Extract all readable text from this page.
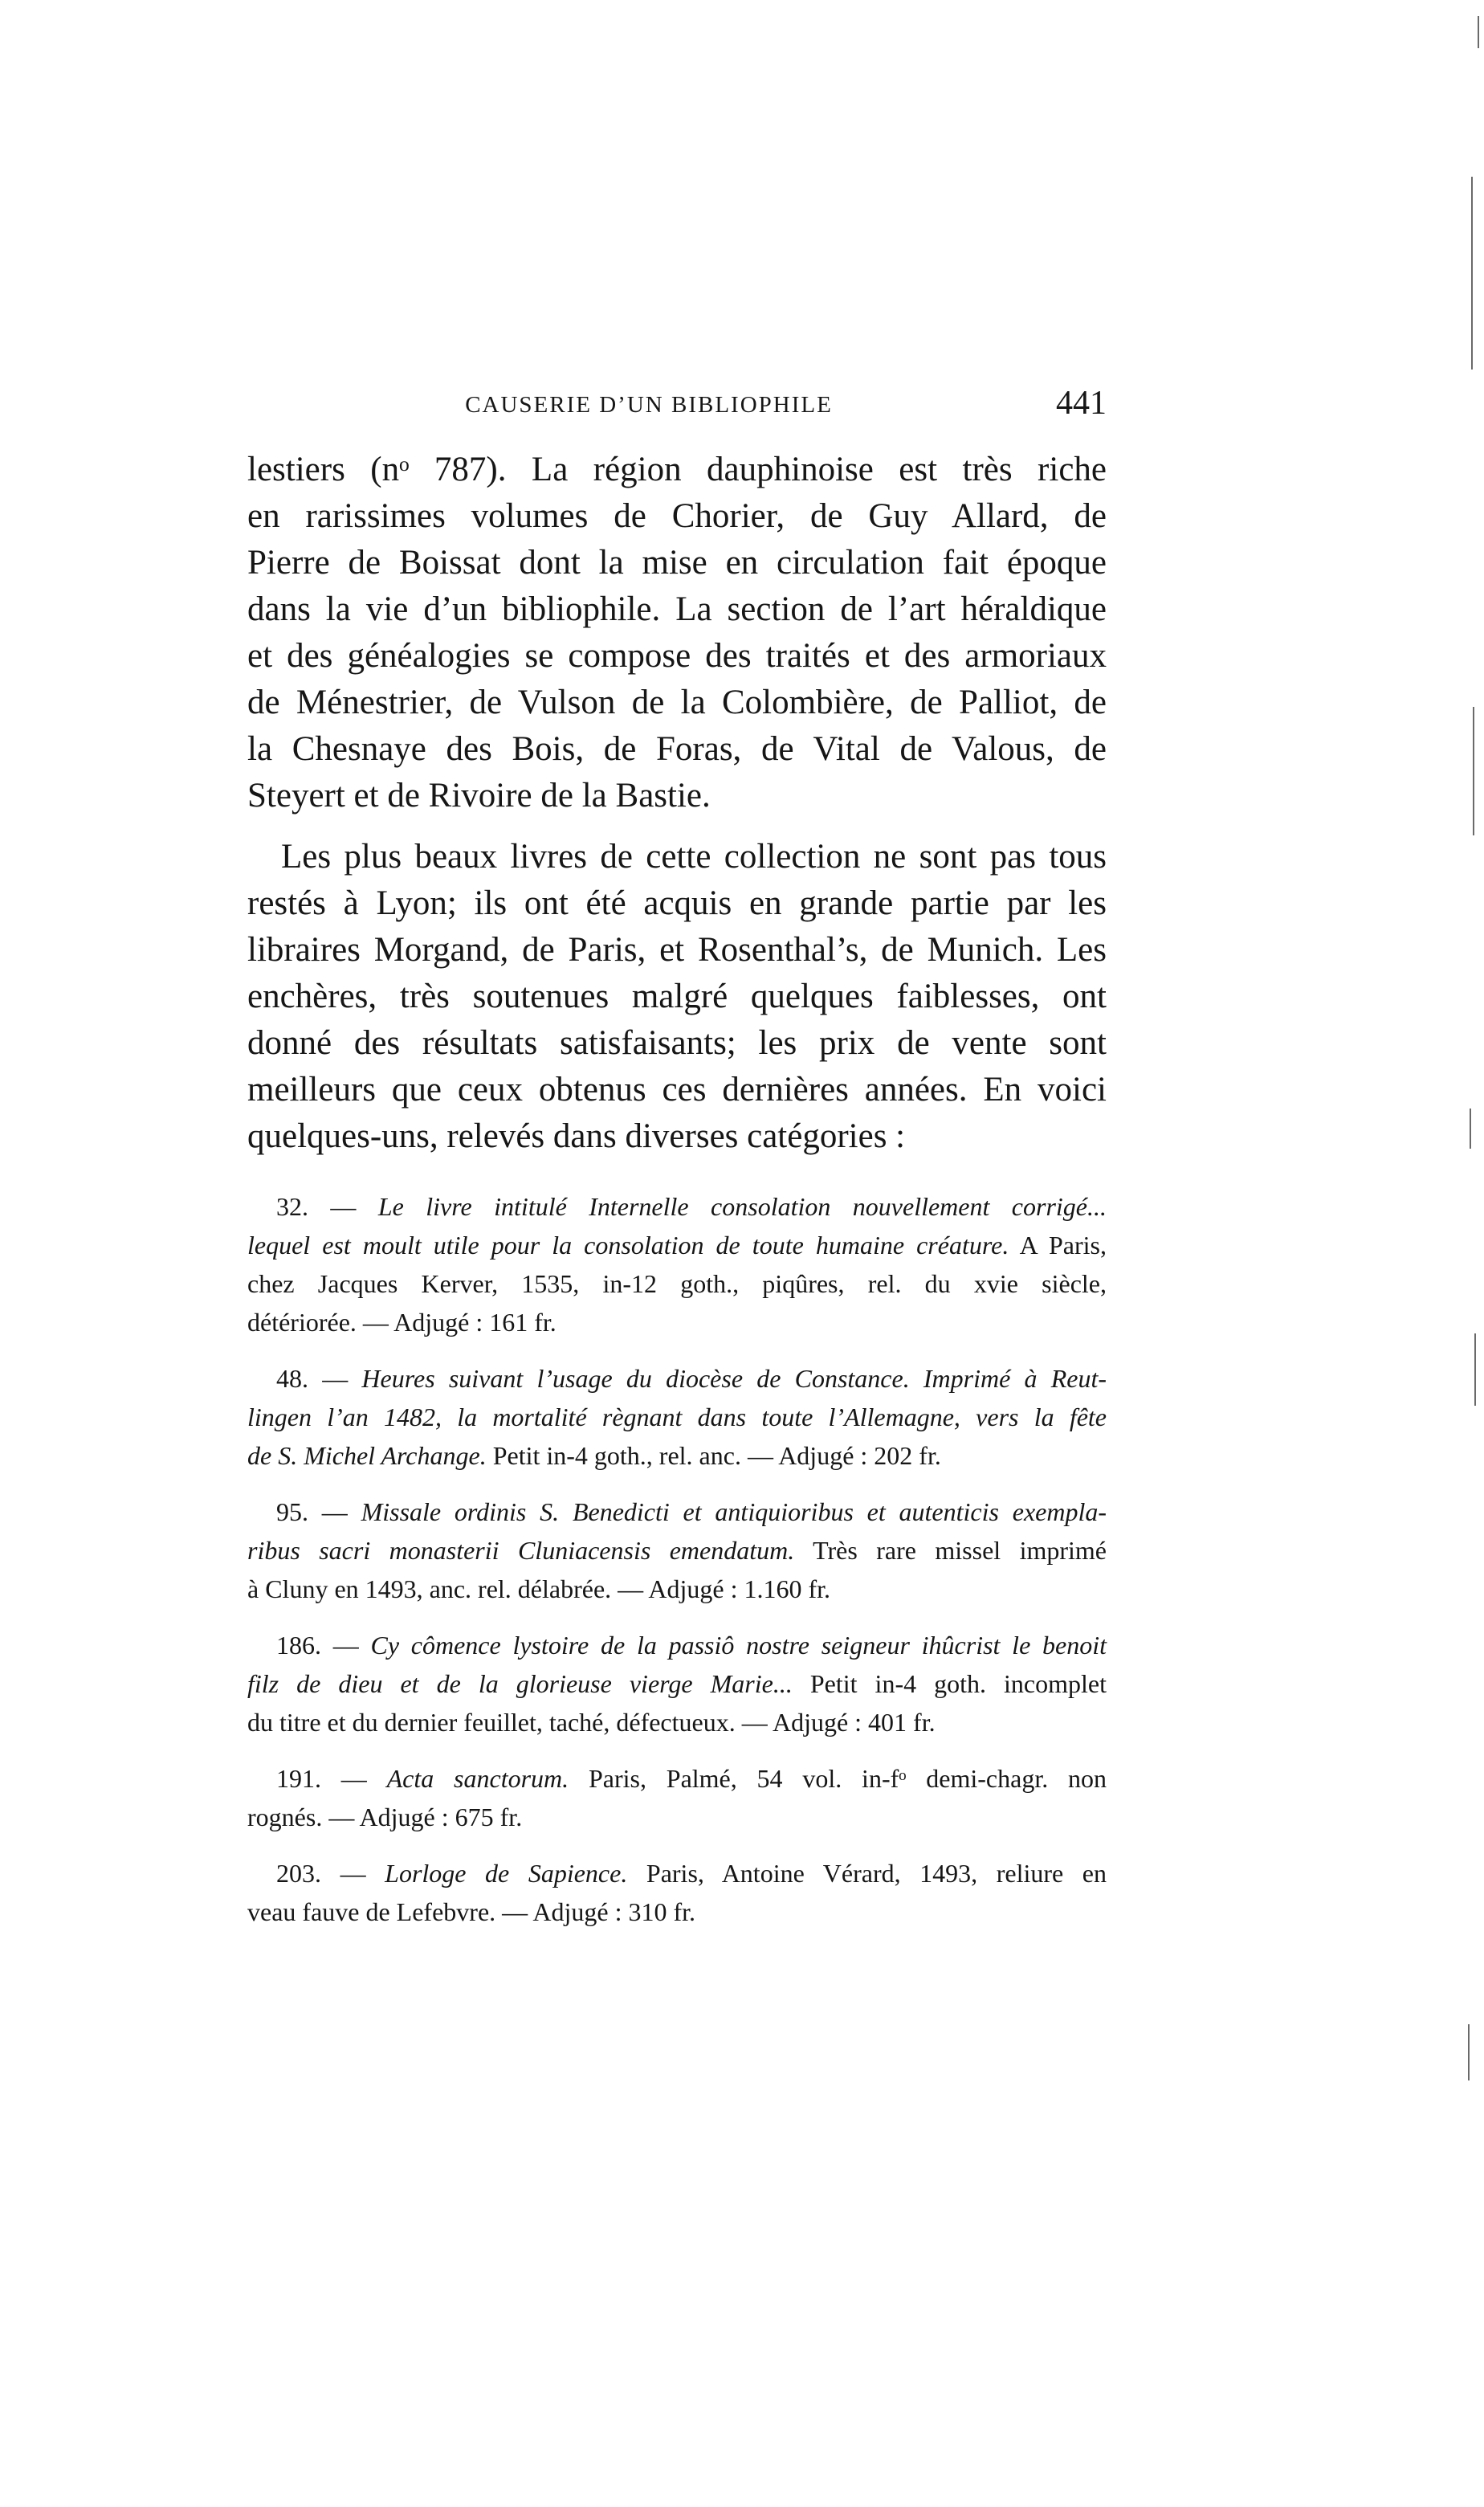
CAUSERIE D’UN BIBLIOPHILE	441

lestiers (nᵒ 787). La région dauphinoise est très riche

en rarissimes volumes de Chorier, de Guy Allard, de

Pierre de Boissat dont la mise en circulation fait époque

dans la vie d’un bibliophile. La section de l’art héraldique

et des généalogies se compose des traités et des armoriaux

de Ménestrier, de Vulson de la Colombière, de Palliot, de

la Chesnaye des Bois, de Foras, de Vital de Valous, de

Steyert et de Rivoire de la Bastie.

Les plus beaux livres de cette collection ne sont pas tous

restés à Lyon; ils ont été acquis en grande partie par les

libraires Morgand, de Paris, et Rosenthal’s, de Munich. Les

enchères, très soutenues malgré quelques faiblesses, ont

donné des résultats satisfaisants; les prix de vente sont

meilleurs que ceux obtenus ces dernières années. En voici

quelques-uns, relevés dans diverses catégories :

32. — Le livre intitulé Internelle consolation nouvellement corrigé...
lequel est moult utile pour la consolation de toute humaine créature. A Paris,
chez Jacques Kerver, 1535, in-12 goth., piqûres, rel. du xvie siècle,
détériorée. — Adjugé : 161 fr.
48. — Heures suivant l’usage du diocèse de Constance. Imprimé à Reut-
lingen l’an 1482, la mortalité règnant dans toute l’Allemagne, vers la fête
de S. Michel Archange. Petit in-4 goth., rel. anc. — Adjugé : 202 fr.
95. — Missale ordinis S. Benedicti et antiquioribus et autenticis exempla-
ribus sacri monasterii Cluniacensis emendatum. Très rare missel imprimé
à Cluny en 1493, anc. rel. délabrée. — Adjugé : 1.160 fr.
186. — Cy cômence lystoire de la passiô nostre seigneur ihûcrist le benoit
filz de dieu et de la glorieuse vierge Marie... Petit in-4 goth. incomplet
du titre et du dernier feuillet, taché, défectueux. — Adjugé : 401 fr.
191. — Acta sanctorum. Paris, Palmé, 54 vol. in-fᵒ demi-chagr. non
rognés. — Adjugé : 675 fr.
203. — Lorloge de Sapience. Paris, Antoine Vérard, 1493, reliure en
veau fauve de Lefebvre. — Adjugé : 310 fr.
